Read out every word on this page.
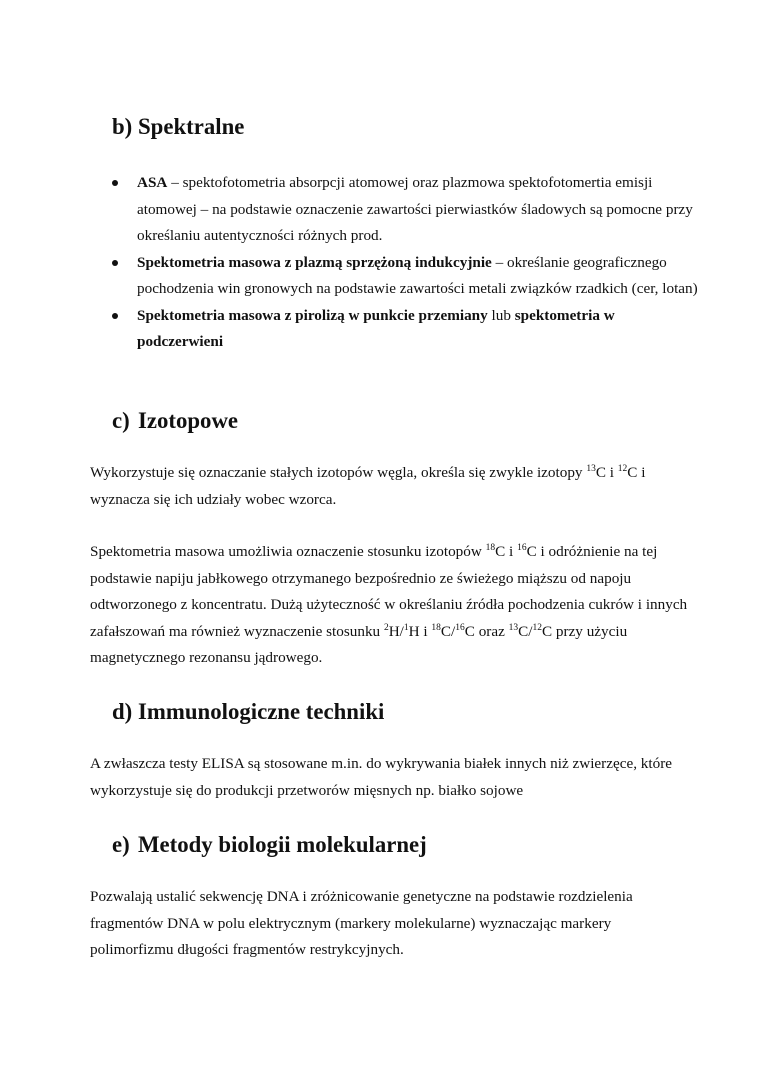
b) Spektralne
ASA – spektofotometria absorpcji atomowej oraz plazmowa spektofotomertia emisji atomowej – na podstawie oznaczenie zawartości pierwiastków śladowych są pomocne przy określaniu autentyczności różnych prod.
Spektometria masowa z plazmą sprzężoną indukcyjnie – określanie geograficznego pochodzenia win gronowych na podstawie zawartości metali związków rzadkich (cer, lotan)
Spektometria masowa z pirolizą w punkcie przemiany lub spektometria w podczerwieni
c) Izotopowe

Wykorzystuje się oznaczanie stałych izotopów węgla, określa się zwykle izotopy $^{13}$C i $^{12}$C i wyznacza się ich udziały wobec wzorca.

Spektometria masowa umożliwia oznaczenie stosunku izotopów $^{18}$C i $^{16}$C i odróżnienie na tej podstawie napiju jabłkowego otrzymanego bezpośrednio ze świeżego miąższu od napoju odtworzonego z koncentratu. Dużą użyteczność w określaniu źródła pochodzenia cukrów i innych zafałszowań ma również wyznaczenie stosunku $^2$H/$^1$H i $^{18}$C/$^{16}$C oraz $^{13}$C/$^{12}$C przy użyciu magnetycznego rezonansu jądrowego.

d) Immunologiczne techniki

A zwłaszcza testy ELISA są stosowane m.in. do wykrywania białek innych niż zwierzęce, które wykorzystuje się do produkcji przetworów mięsnych np. białko sojowe

e) Metody biologii molekularnej

Pozwalają ustalić sekwencję DNA i zróżnicowanie genetyczne na podstawie rozdzielenia fragmentów DNA w polu elektrycznym (markery molekularne) wyznaczając markery polimorfizmu długości fragmentów restrykcyjnych.
